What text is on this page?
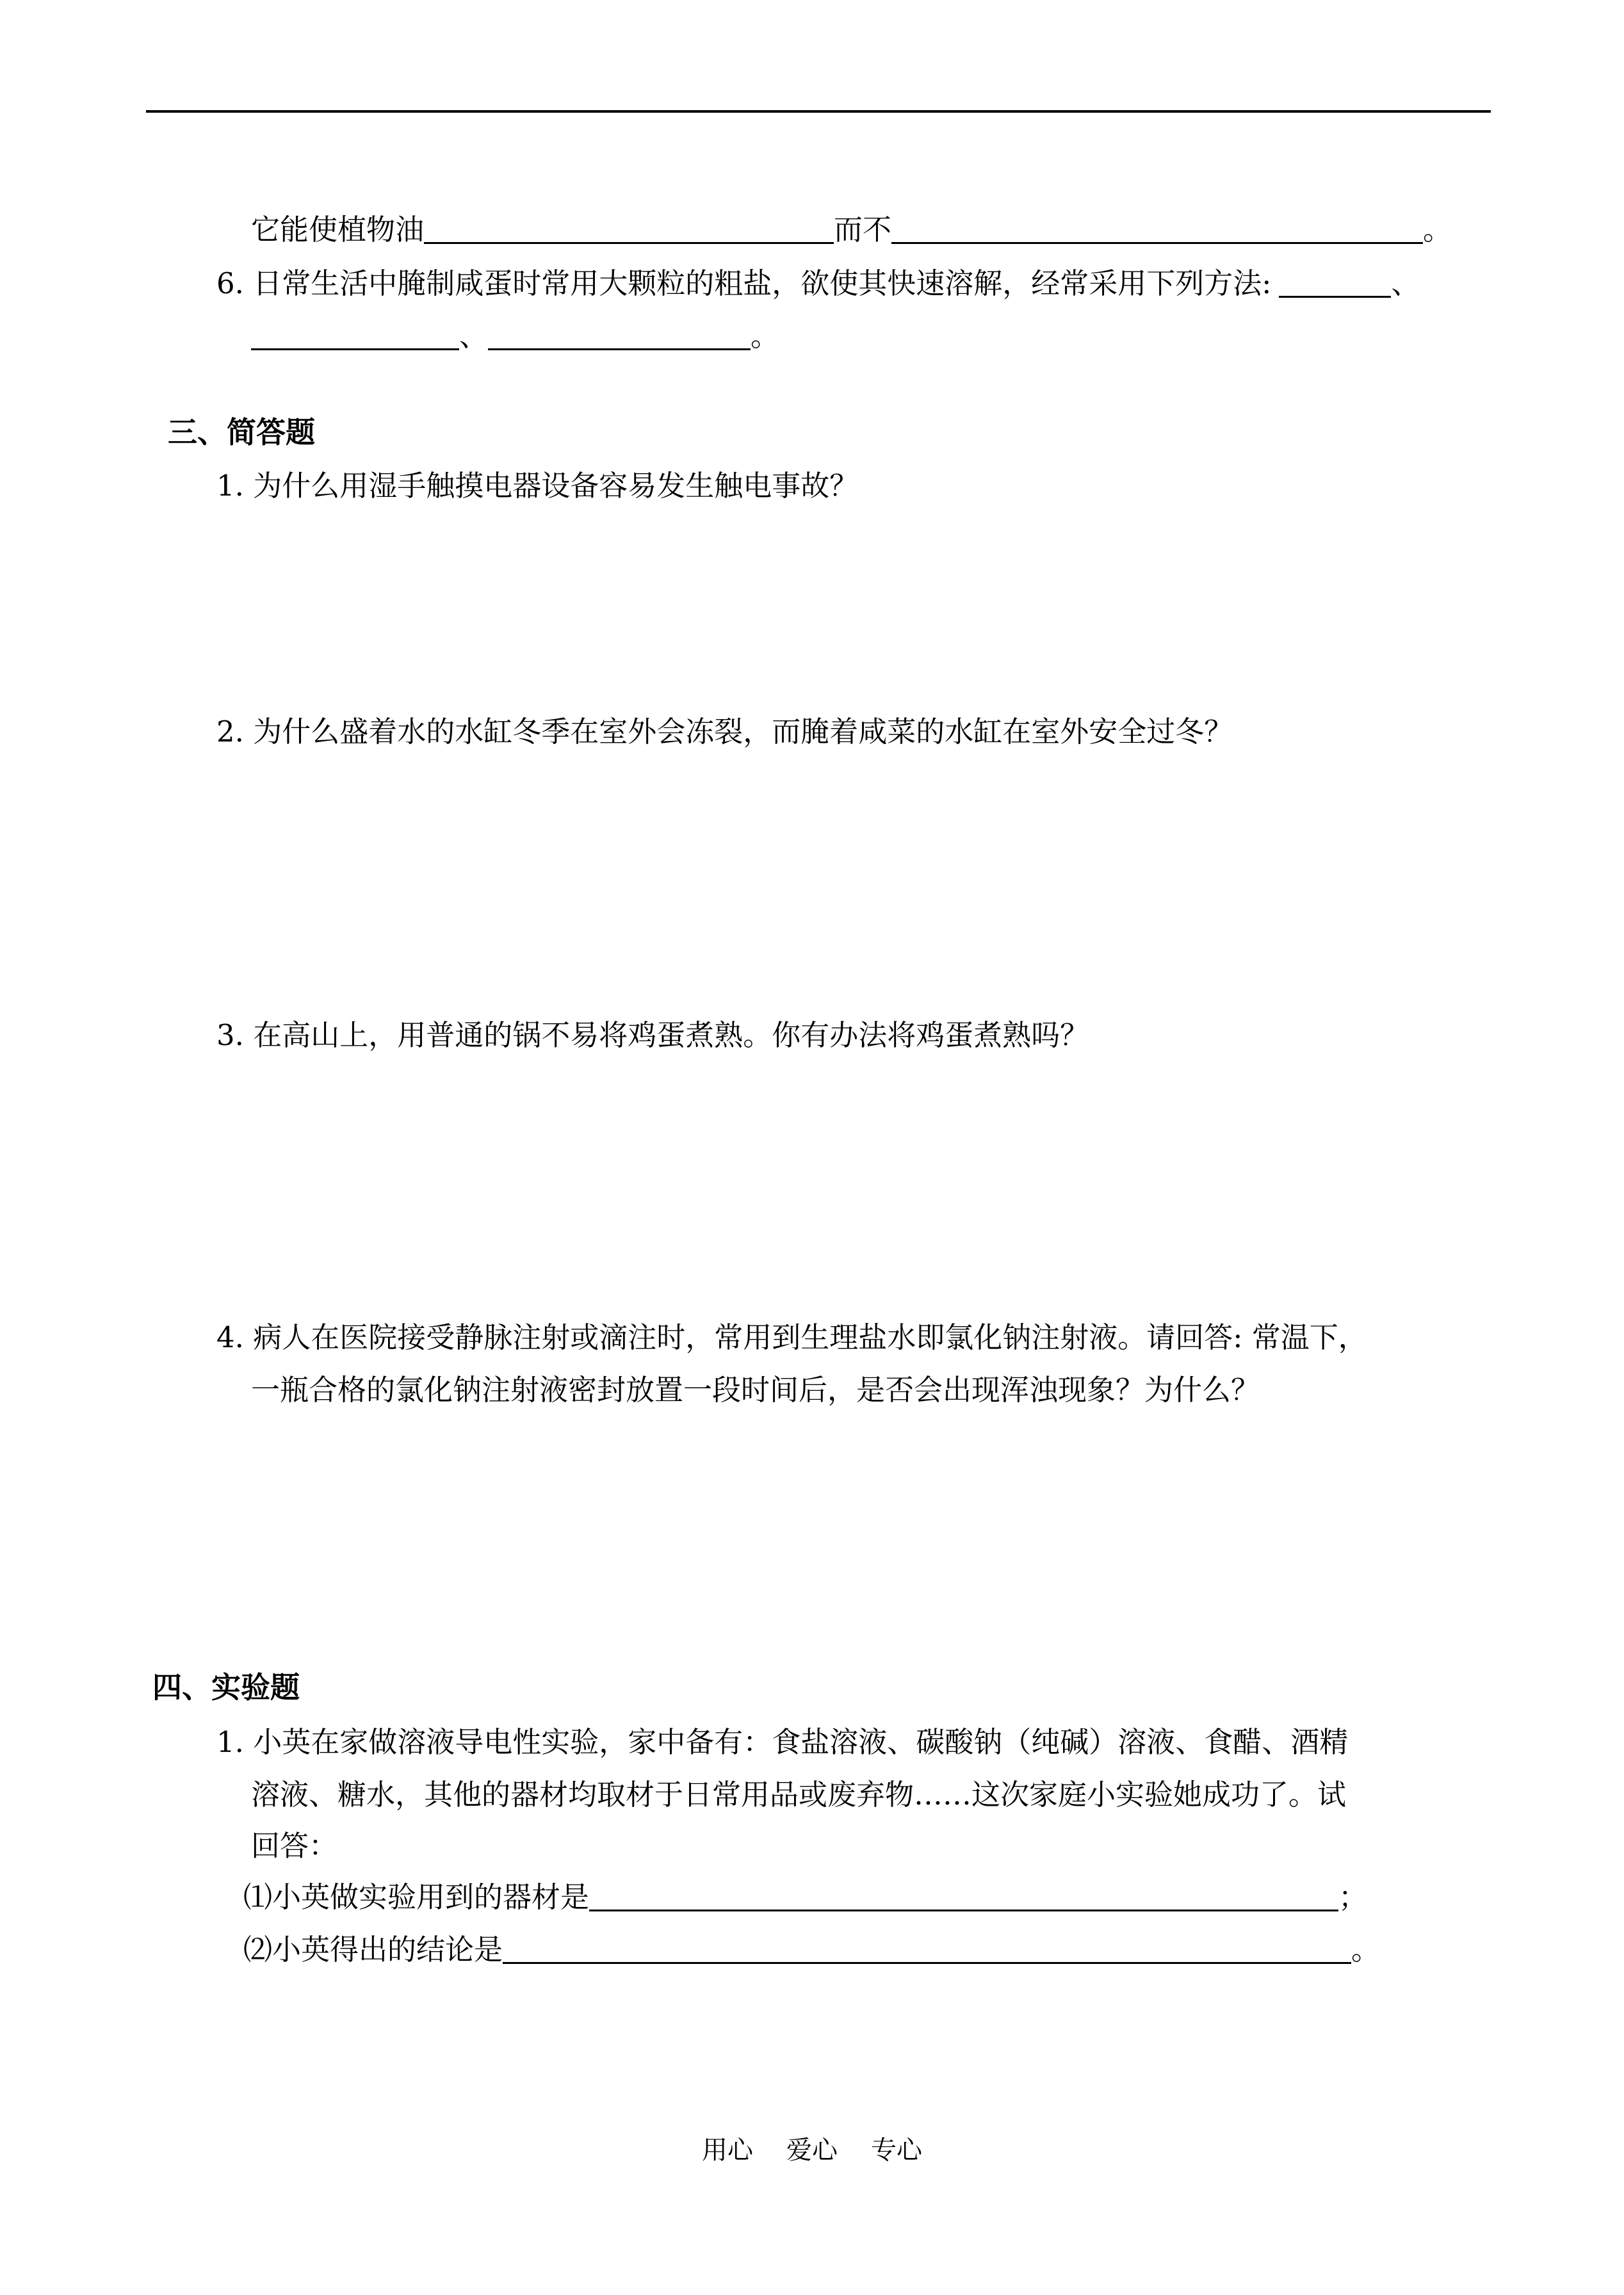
它能使植物油	而不	。
6. 日常生活中腌制咸蛋时常用大颗粒的粗盐，欲使其快速溶解，经常采用下列方法:	、
、	。
三、简答题
1. 为什么用湿手触摸电器设备容易发生触电事故？
2. 为什么盛着水的水缸冬季在室外会冻裂，而腌着咸菜的水缸在室外安全过冬？
3. 在高山上，用普通的锅不易将鸡蛋煮熟。你有办法将鸡蛋煮熟吗？
4. 病人在医院接受静脉注射或滴注时，常用到生理盐水即氯化钠注射液。请回答: 常温下，
一瓶合格的氯化钠注射液密封放置一段时间后，是否会出现浑浊现象？为什么？
四、实验题
1. 小英在家做溶液导电性实验，家中备有：食盐溶液、碳酸钠（纯碱）溶液、食醋、酒精
溶液、糖水，其他的器材均取材于日常用品或废弃物……这次家庭小实验她成功了。试
回答：
⑴小英做实验用到的器材是	；
⑵小英得出的结论是	。
用心 爱心 专心
